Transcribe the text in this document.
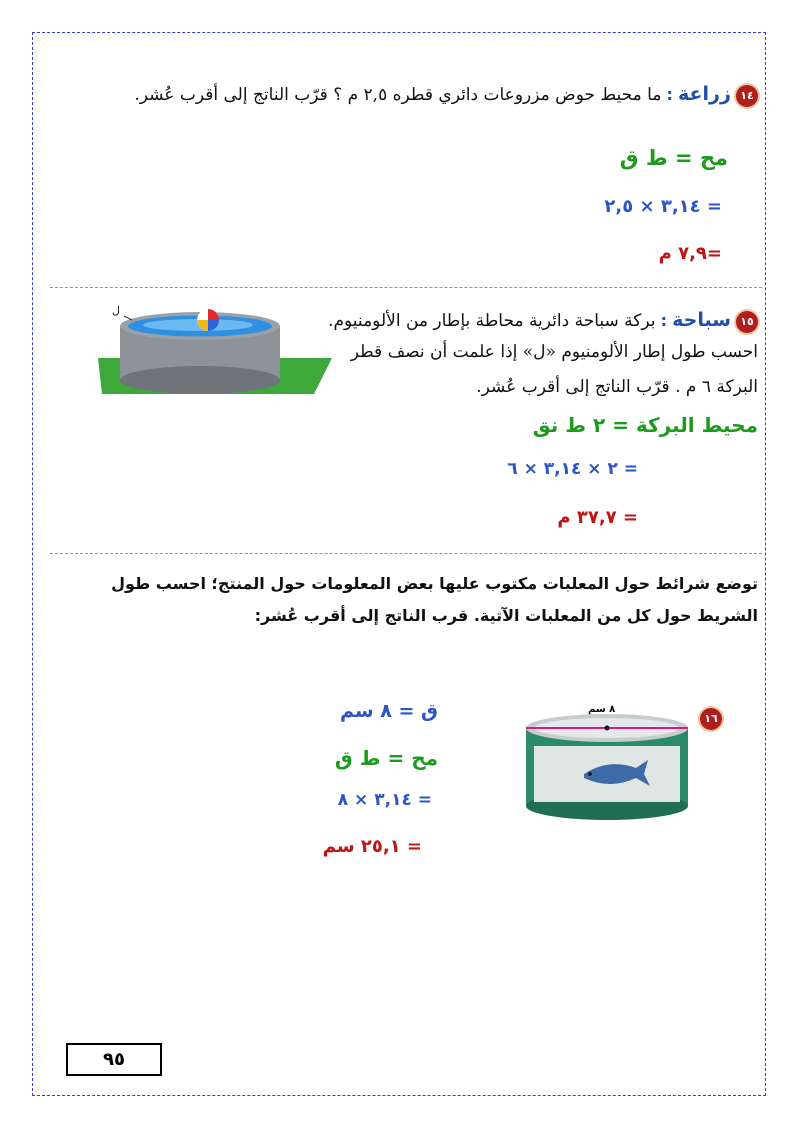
١٤ زراعة : ما محيط حوض مزروعات دائري قطره ٢,٥ م ؟ قرّب الناتج إلى أقرب عُشر.
مح = ط ق
= ٣,١٤ × ٢,٥
=٧,٩ م
١٥ سباحة : بركة سباحة دائرية محاطة بإطار من الألومنيوم.
احسب طول إطار الألومنيوم «ل» إذا علمت أن نصف قطر
البركة ٦ م . قرّب الناتج إلى أقرب عُشر.
ل
محيط البركة = ٢ ط نق
= ٢ × ٣,١٤ × ٦
= ٣٧,٧ م
توضع شرائط حول المعلبات مكتوب عليها بعض المعلومات حول المنتج؛ احسب طول
الشريط حول كل من المعلبات الآتية. قرب الناتج إلى أقرب عُشر:
١٦
٨ سم
ق = ٨ سم
مح = ط ق
= ٣,١٤ × ٨
= ٢٥,١ سم
٩٥
